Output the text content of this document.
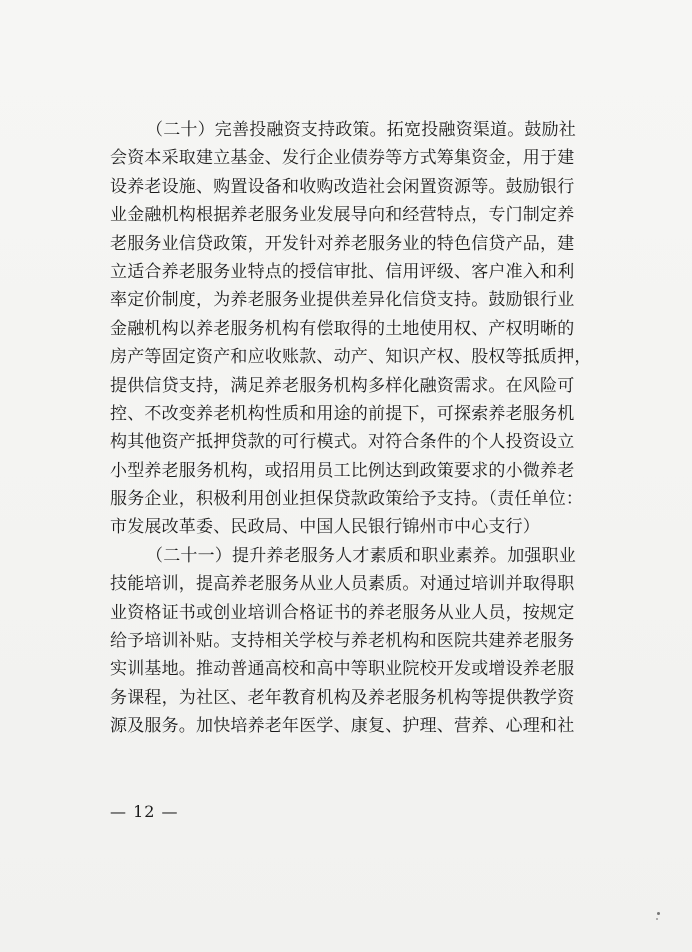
（二十）完善投融资支持政策。拓宽投融资渠道。鼓励社
会资本采取建立基金、发行企业债券等方式筹集资金，用于建
设养老设施、购置设备和收购改造社会闲置资源等。鼓励银行
业金融机构根据养老服务业发展导向和经营特点，专门制定养
老服务业信贷政策，开发针对养老服务业的特色信贷产品，建
立适合养老服务业特点的授信审批、信用评级、客户准入和利
率定价制度，为养老服务业提供差异化信贷支持。鼓励银行业
金融机构以养老服务机构有偿取得的土地使用权、产权明晰的
房产等固定资产和应收账款、动产、知识产权、股权等抵质押，
提供信贷支持，满足养老服务机构多样化融资需求。在风险可
控、不改变养老机构性质和用途的前提下，可探索养老服务机
构其他资产抵押贷款的可行模式。对符合条件的个人投资设立
小型养老服务机构，或招用员工比例达到政策要求的小微养老
服务企业，积极利用创业担保贷款政策给予支持。（责任单位：
市发展改革委、民政局、中国人民银行锦州市中心支行）
（二十一）提升养老服务人才素质和职业素养。加强职业
技能培训，提高养老服务从业人员素质。对通过培训并取得职
业资格证书或创业培训合格证书的养老服务从业人员，按规定
给予培训补贴。支持相关学校与养老机构和医院共建养老服务
实训基地。推动普通高校和高中等职业院校开发或增设养老服
务课程，为社区、老年教育机构及养老服务机构等提供教学资
源及服务。加快培养老年医学、康复、护理、营养、心理和社
— 12 —
